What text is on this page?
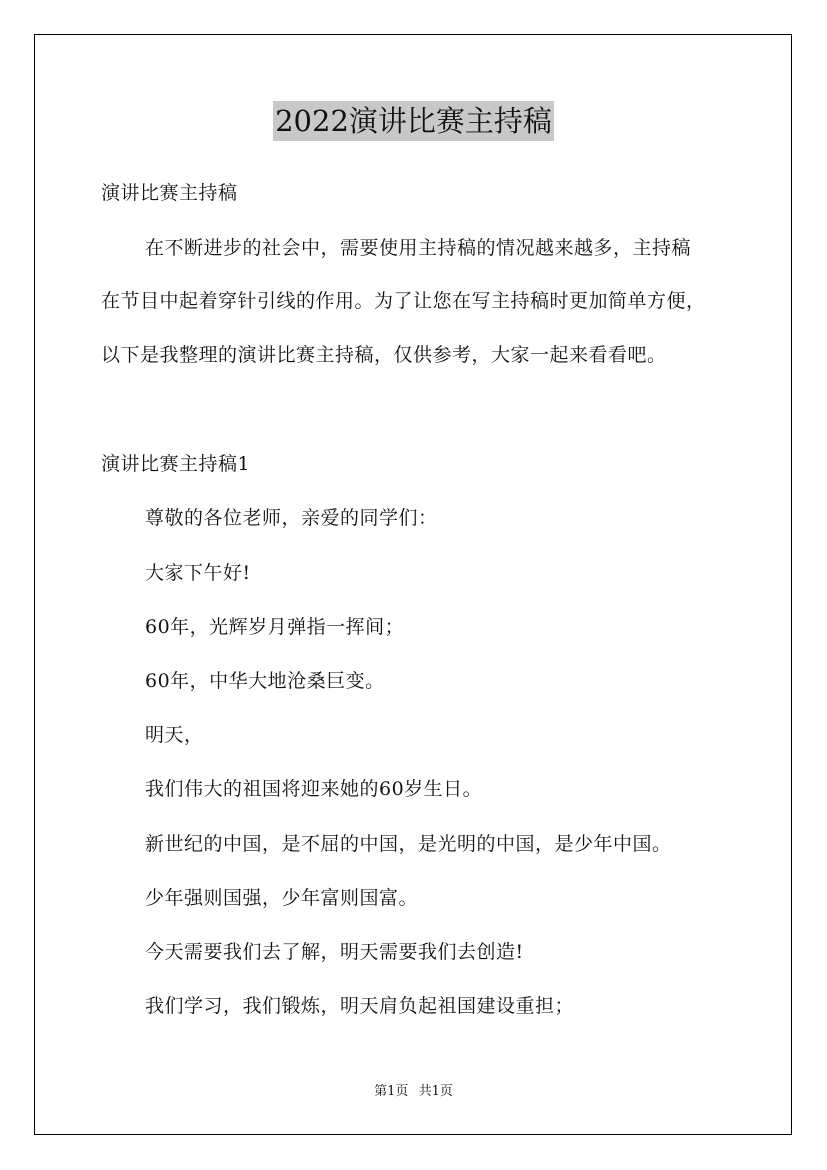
2022演讲比赛主持稿
演讲比赛主持稿
在不断进步的社会中，需要使用主持稿的情况越来越多，主持稿
在节目中起着穿针引线的作用。为了让您在写主持稿时更加简单方便，
以下是我整理的演讲比赛主持稿，仅供参考，大家一起来看看吧。
演讲比赛主持稿1
尊敬的各位老师，亲爱的同学们：
大家下午好!
60年，光辉岁月弹指一挥间；
60年，中华大地沧桑巨变。
明天，
我们伟大的祖国将迎来她的60岁生日。
新世纪的中国，是不屈的中国，是光明的中国，是少年中国。
少年强则国强，少年富则国富。
今天需要我们去了解，明天需要我们去创造!
我们学习，我们锻炼，明天肩负起祖国建设重担；
第1页 共1页
